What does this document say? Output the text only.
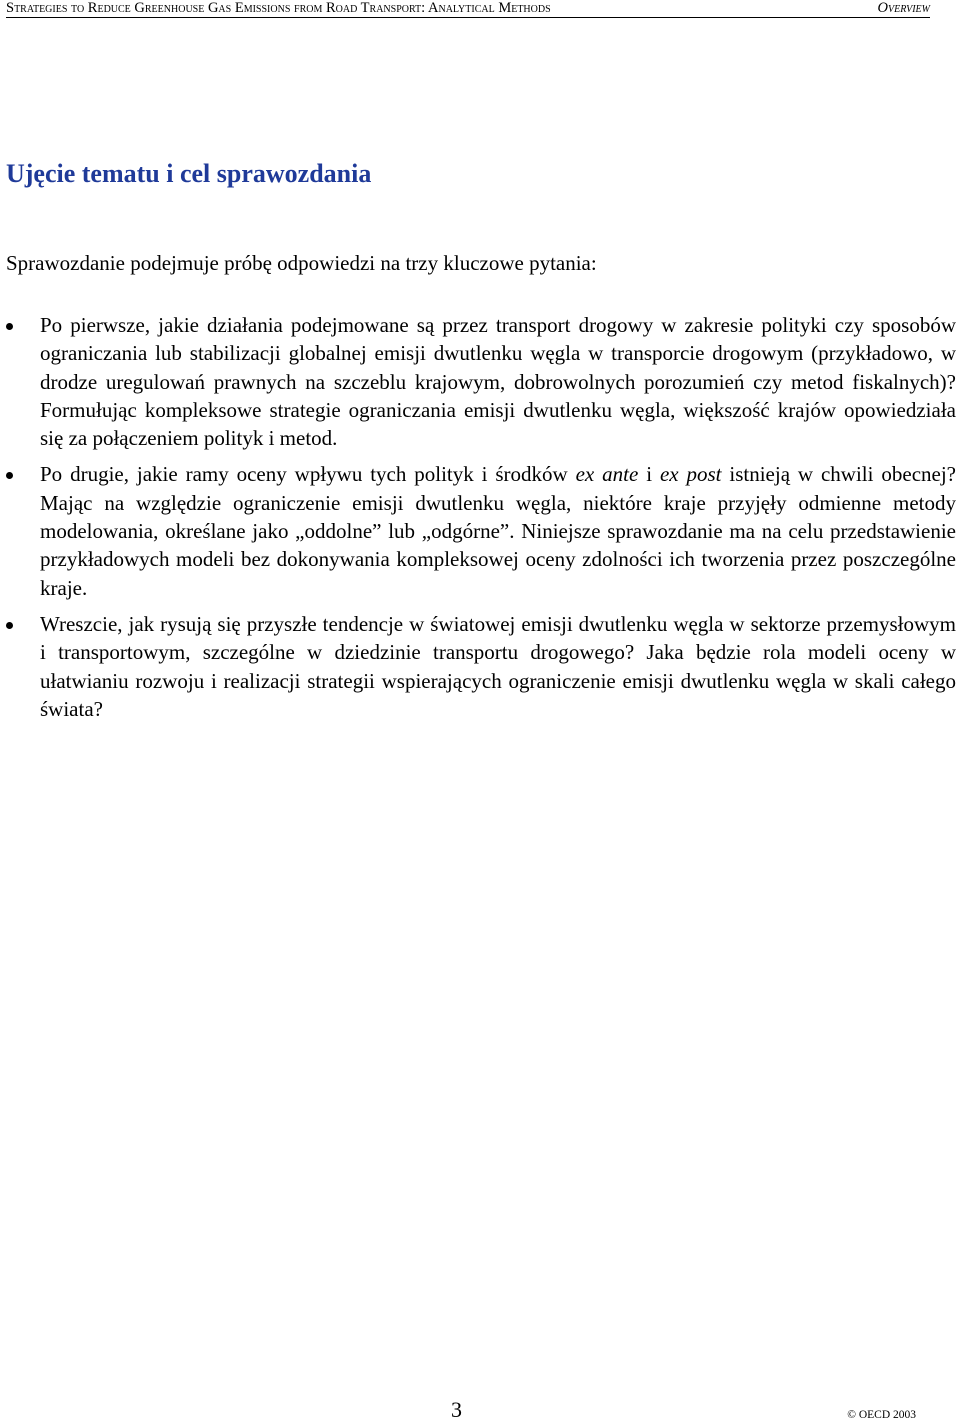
Strategies to Reduce Greenhouse Gas Emissions from Road Transport: Analytical Methods	Overview
Ujęcie tematu i cel sprawozdania

Sprawozdanie podejmuje próbę odpowiedzi na trzy kluczowe pytania:

Po pierwsze, jakie działania podejmowane są przez transport drogowy w zakresie polityki czy sposobów ograniczania lub stabilizacji globalnej emisji dwutlenku węgla w transporcie drogowym (przykładowo, w drodze uregulowań prawnych na szczeblu krajowym, dobrowolnych porozumień czy metod fiskalnych)? Formułując kompleksowe strategie ograniczania emisji dwutlenku węgla, większość krajów opowiedziała się za połączeniem polityk i metod.
Po drugie, jakie ramy oceny wpływu tych polityk i środków ex ante i ex post istnieją w chwili obecnej? Mając na względzie ograniczenie emisji dwutlenku węgla, niektóre kraje przyjęły odmienne metody modelowania, określane jako „oddolne” lub „odgórne”. Niniejsze sprawozdanie ma na celu przedstawienie przykładowych modeli bez dokonywania kompleksowej oceny zdolności ich tworzenia przez poszczególne kraje.
Wreszcie, jak rysują się przyszłe tendencje w światowej emisji dwutlenku węgla w sektorze przemysłowym i transportowym, szczególne w dziedzinie transportu drogowego? Jaka będzie rola modeli oceny w ułatwianiu rozwoju i realizacji strategii wspierających ograniczenie emisji dwutlenku węgla w skali całego świata?
3	© OECD 2003
